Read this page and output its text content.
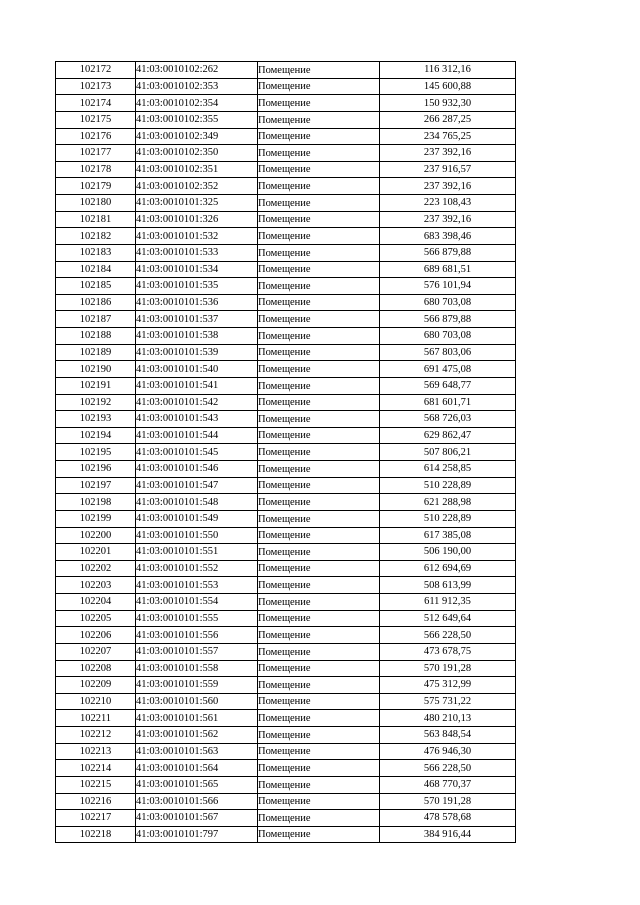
102172	41:03:0010102:262	Помещение	116 312,16
102173	41:03:0010102:353	Помещение	145 600,88
102174	41:03:0010102:354	Помещение	150 932,30
102175	41:03:0010102:355	Помещение	266 287,25
102176	41:03:0010102:349	Помещение	234 765,25
102177	41:03:0010102:350	Помещение	237 392,16
102178	41:03:0010102:351	Помещение	237 916,57
102179	41:03:0010102:352	Помещение	237 392,16
102180	41:03:0010101:325	Помещение	223 108,43
102181	41:03:0010101:326	Помещение	237 392,16
102182	41:03:0010101:532	Помещение	683 398,46
102183	41:03:0010101:533	Помещение	566 879,88
102184	41:03:0010101:534	Помещение	689 681,51
102185	41:03:0010101:535	Помещение	576 101,94
102186	41:03:0010101:536	Помещение	680 703,08
102187	41:03:0010101:537	Помещение	566 879,88
102188	41:03:0010101:538	Помещение	680 703,08
102189	41:03:0010101:539	Помещение	567 803,06
102190	41:03:0010101:540	Помещение	691 475,08
102191	41:03:0010101:541	Помещение	569 648,77
102192	41:03:0010101:542	Помещение	681 601,71
102193	41:03:0010101:543	Помещение	568 726,03
102194	41:03:0010101:544	Помещение	629 862,47
102195	41:03:0010101:545	Помещение	507 806,21
102196	41:03:0010101:546	Помещение	614 258,85
102197	41:03:0010101:547	Помещение	510 228,89
102198	41:03:0010101:548	Помещение	621 288,98
102199	41:03:0010101:549	Помещение	510 228,89
102200	41:03:0010101:550	Помещение	617 385,08
102201	41:03:0010101:551	Помещение	506 190,00
102202	41:03:0010101:552	Помещение	612 694,69
102203	41:03:0010101:553	Помещение	508 613,99
102204	41:03:0010101:554	Помещение	611 912,35
102205	41:03:0010101:555	Помещение	512 649,64
102206	41:03:0010101:556	Помещение	566 228,50
102207	41:03:0010101:557	Помещение	473 678,75
102208	41:03:0010101:558	Помещение	570 191,28
102209	41:03:0010101:559	Помещение	475 312,99
102210	41:03:0010101:560	Помещение	575 731,22
102211	41:03:0010101:561	Помещение	480 210,13
102212	41:03:0010101:562	Помещение	563 848,54
102213	41:03:0010101:563	Помещение	476 946,30
102214	41:03:0010101:564	Помещение	566 228,50
102215	41:03:0010101:565	Помещение	468 770,37
102216	41:03:0010101:566	Помещение	570 191,28
102217	41:03:0010101:567	Помещение	478 578,68
102218	41:03:0010101:797	Помещение	384 916,44
